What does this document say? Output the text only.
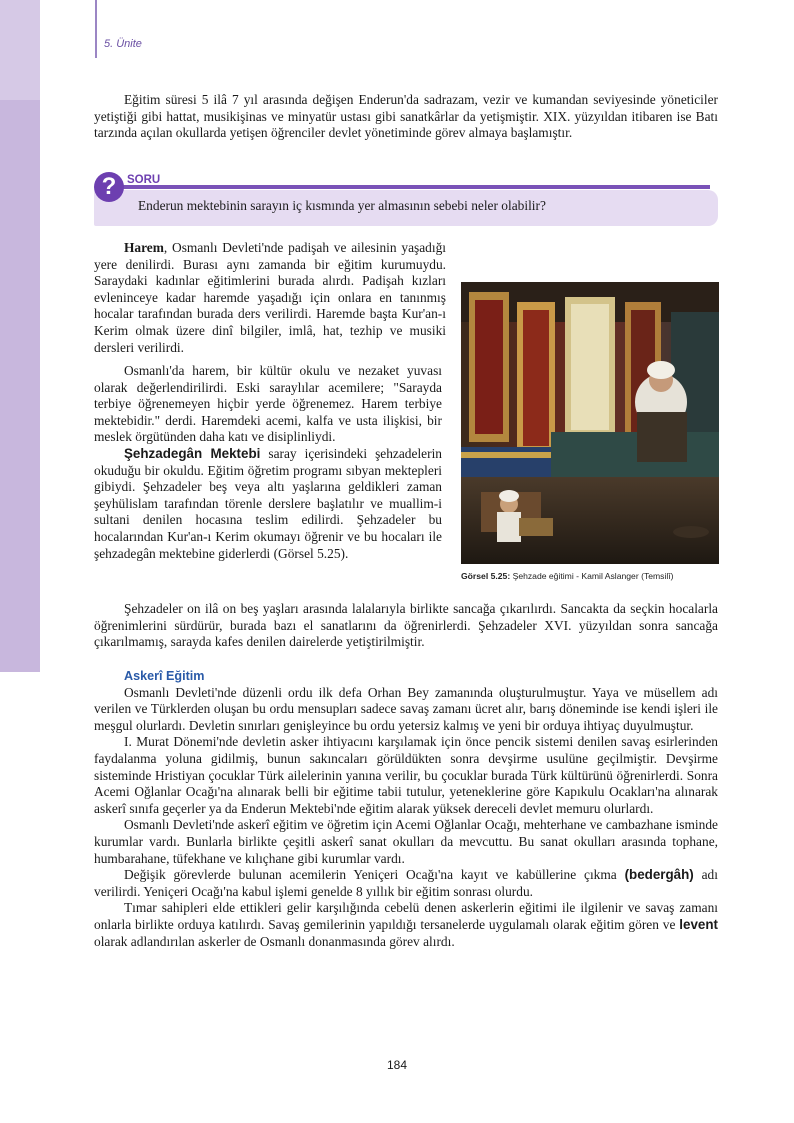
5. Ünite

Eğitim süresi 5 ilâ 7 yıl arasında değişen Enderun'da sadrazam, vezir ve kumandan seviyesinde yöneticiler yetiştiği gibi hattat, musikişinas ve minyatür ustası gibi sanatkârlar da yetişmiştir. XIX. yüzyıldan itibaren ise Batı tarzında açılan okullarda yetişen öğrenciler devlet yönetiminde görev almaya başlamıştır.

? SORU
Enderun mektebinin sarayın iç kısmında yer almasının sebebi neler olabilir?

Harem, Osmanlı Devleti'nde padişah ve ailesinin yaşadığı yere denilirdi. Burası aynı zamanda bir eğitim kurumuydu. Saraydaki kadınlar eğitimlerini burada alırdı. Padişah kızları evleninceye kadar haremde yaşadığı için onlara en tanınmış hocalar tarafından burada ders verilirdi. Haremde başta Kur'an-ı Kerim olmak üzere dinî bilgiler, imlâ, hat, tezhip ve musiki dersleri verilirdi.

Osmanlı'da harem, bir kültür okulu ve nezaket yuvası olarak değerlendirilirdi. Eski saraylılar acemilere; "Sarayda terbiye öğrenemeyen hiçbir yerde öğrenemez. Harem terbiye mektebidir." derdi. Haremdeki acemi, kalfa ve usta ilişkisi, bir meslek örgütünden daha katı ve disiplinliydi.

Şehzadegân Mektebi saray içerisindeki şehzadelerin okuduğu bir okuldu. Eğitim öğretim programı sıbyan mektepleri gibiydi. Şehzadeler beş veya altı yaşlarına geldikleri zaman şeyhülislam tarafından törenle derslere başlatılır ve muallim-i sultani denilen hocasına teslim edilirdi. Şehzadeler bu hocalarından Kur'an-ı Kerim okumayı öğrenir ve bu hocaları ile şehzadegân mektebine giderlerdi (Görsel 5.25).

Görsel 5.25: Şehzade eğitimi - Kamil Aslanger (Temsilî)

Şehzadeler on ilâ on beş yaşları arasında lalalarıyla birlikte sancağa çıkarılırdı. Sancakta da seçkin hocalarla öğrenimlerini sürdürür, burada bazı el sanatlarını da öğrenirlerdi. Şehzadeler XVI. yüzyıldan sonra sancağa çıkarılmamış, sarayda kafes denilen dairelerde yetiştirilmiştir.

Askerî Eğitim

Osmanlı Devleti'nde düzenli ordu ilk defa Orhan Bey zamanında oluşturulmuştur. Yaya ve müsellem adı verilen ve Türklerden oluşan bu ordu mensupları sadece savaş zamanı ücret alır, barış döneminde ise kendi işleri ile meşgul olurlardı. Devletin sınırları genişleyince bu ordu yetersiz kalmış ve yeni bir orduya ihtiyaç duyulmuştur.

I. Murat Dönemi'nde devletin asker ihtiyacını karşılamak için önce pencik sistemi denilen savaş esirlerinden faydalanma yoluna gidilmiş, bunun sakıncaları görüldükten sonra devşirme usulüne geçilmiştir. Devşirme sisteminde Hristiyan çocuklar Türk ailelerinin yanına verilir, bu çocuklar burada Türk kültürünü öğrenirlerdi. Sonra Acemi Oğlanlar Ocağı'na alınarak belli bir eğitime tabii tutulur, yeteneklerine göre Kapıkulu Ocakları'na alınarak askerî sınıfa geçerler ya da Enderun Mektebi'nde eğitim alarak yüksek dereceli devlet memuru olurlardı.

Osmanlı Devleti'nde askerî eğitim ve öğretim için Acemi Oğlanlar Ocağı, mehterhane ve cambazhane isminde kurumlar vardı. Bunlarla birlikte çeşitli askerî sanat okulları da mevcuttu. Bu sanat okulları arasında tophane, humbarahane, tüfekhane ve kılıçhane gibi kurumlar vardı.

Değişik görevlerde bulunan acemilerin Yeniçeri Ocağı'na kayıt ve kabüllerine çıkma (bedergâh) adı verilirdi. Yeniçeri Ocağı'na kabul işlemi genelde 8 yıllık bir eğitim sonrası olurdu.

Tımar sahipleri elde ettikleri gelir karşılığında cebelü denen askerlerin eğitimi ile ilgilenir ve savaş zamanı onlarla birlikte orduya katılırdı. Savaş gemilerinin yapıldığı tersanelerde uygulamalı olarak eğitim gören ve levent olarak adlandırılan askerler de Osmanlı donanmasında görev alırdı.

184
